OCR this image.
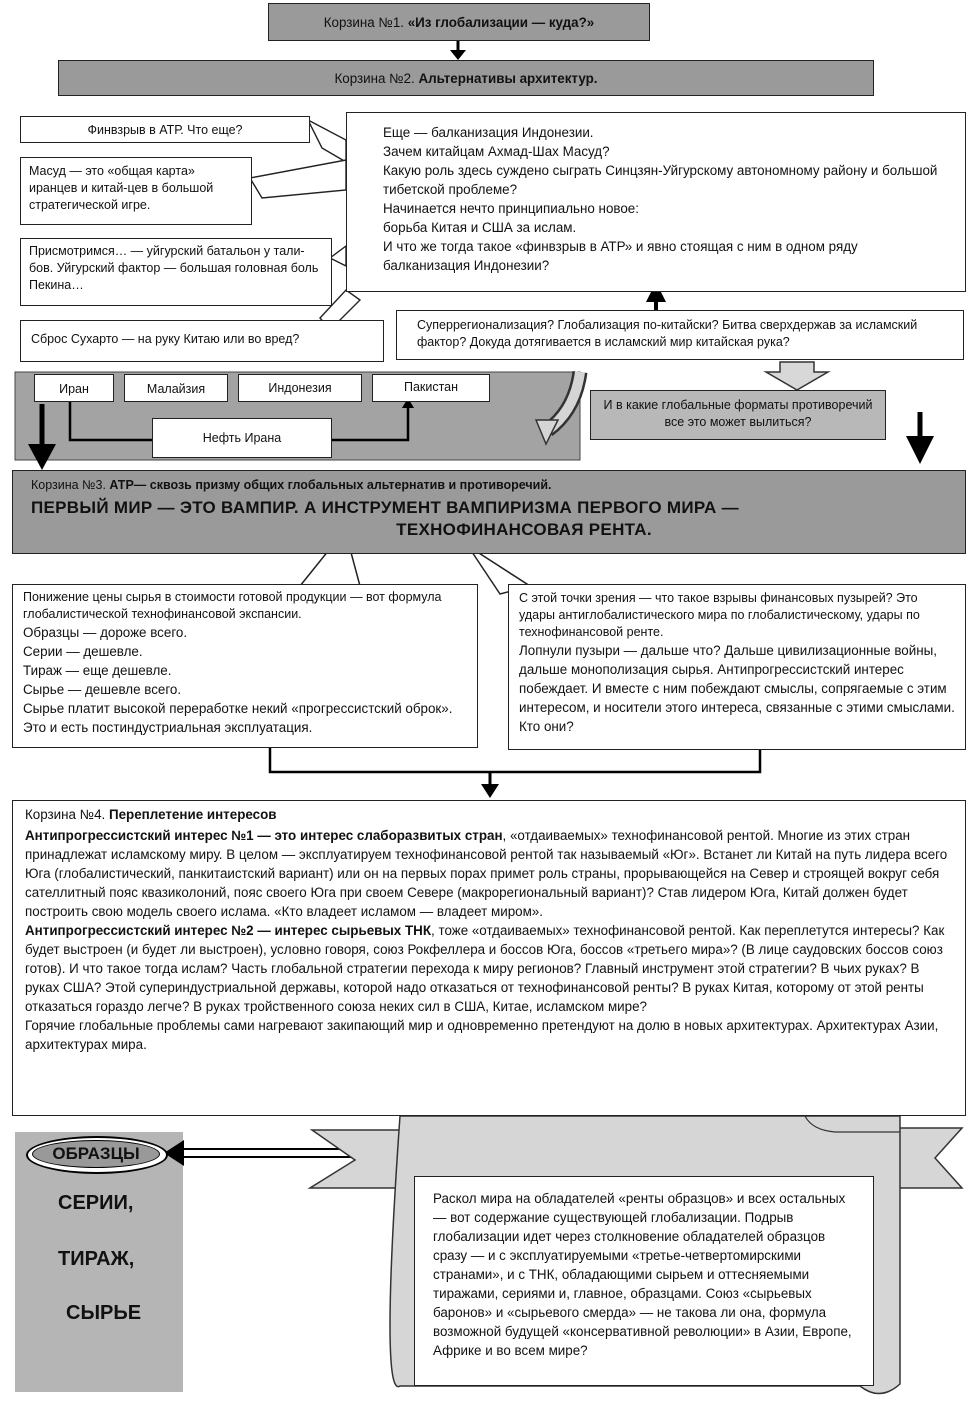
Корзина №1. «Из глобализации — куда?»
Корзина №2. Альтернативы архитектур.
Финвзрыв в АТР. Что еще?
Масуд — это «общая карта» иранцев и китай-цев в большой стратегической игре.
Присмотримся… — уйгурский батальон у тали-бов. Уйгурский фактор — большая головная боль Пекина…
Сброс Сухарто — на руку Китаю или во вред?

Еще — балканизация Индонезии.

Зачем китайцам Ахмад-Шах Масуд?

Какую роль здесь суждено сыграть Синцзян-Уйгурскому автономному району и большой тибетской проблеме?

Начинается нечто принципиально новое:

борьба Китая и США за ислам.

И что же тогда такое «финвзрыв в АТР» и явно стоящая с ним в одном ряду балканизация Индонезии?

Суперрегионализация? Глобализация по-китайски? Битва сверхдержав за исламский фактор? Докуда дотягивается в исламский мир китайская рука?
Иран	Малайзия	Индонезия	Пакистан
Нефть Ирана
И в какие глобальные форматы противоречий все это может вылиться?
Корзина №3. АТР— сквозь призму общих глобальных альтернатив и противоречий.
ПЕРВЫЙ МИР — ЭТО ВАМПИР. А ИНСТРУМЕНТ ВАМПИРИЗМА ПЕРВОГО МИРА —
ТЕХНОФИНАНСОВАЯ РЕНТА.

Понижение цены сырья в стоимости готовой продукции — вот формула глобалистической технофинансовой экспансии.

Образцы — дороже всего.

Серии — дешевле.

Тираж — еще дешевле.

Сырье — дешевле всего.

Сырье платит высокой переработке некий «прогрессистский оброк». Это и есть постиндустриальная эксплуатация.

С этой точки зрения — что такое взрывы финансовых пузырей? Это удары антиглобалистического мира по глобалистическому, удары по технофинансовой ренте.

Лопнули пузыри — дальше что? Дальше цивилизационные войны, дальше монополизация сырья. Антипрогрессистский интерес побеждает. И вместе с ним побеждают смыслы, сопрягаемые с этим интересом, и носители этого интереса, связанные с этими смыслами. Кто они?

Корзина №4. Переплетение интересов

Антипрогрессистский интерес №1 — это интерес слаборазвитых стран, «отдаиваемых» технофинансовой рентой. Многие из этих стран принадлежат исламскому миру. В целом — эксплуатируем технофинансовой рентой так называемый «Юг». Встанет ли Китай на путь лидера всего Юга (глобалистический, панкитаистский вариант) или он на первых порах примет роль страны, прорывающейся на Север и строящей вокруг себя сателлитный пояс квазиколоний, пояс своего Юга при своем Севере (макрорегиональный вариант)? Став лидером Юга, Китай должен будет построить свою модель своего ислама. «Кто владеет исламом — владеет миром».

Антипрогрессистский интерес №2 — интерес сырьевых ТНК, тоже «отдаиваемых» технофинансовой рентой. Как переплетутся интересы? Как будет выстроен (и будет ли выстроен), условно говоря, союз Рокфеллера и боссов Юга, боссов «третьего мира»? (В лице саудовских боссов союз готов). И что такое тогда ислам? Часть глобальной стратегии перехода к миру регионов? Главный инструмент этой стратегии? В чьих руках? В руках США? Этой супериндустриальной державы, которой надо отказаться от технофинансовой ренты? В руках Китая, которому от этой ренты отказаться гораздо легче? В руках тройственного союза неких сил в США, Китае, исламском мире?

Горячие глобальные проблемы сами нагревают закипающий мир и одновременно претендуют на долю в новых архитектурах. Архитектурах Азии, архитектурах мира.

ОБРАЗЦЫ
СЕРИИ,
ТИРАЖ,
СЫРЬЕ
Раскол мира на обладателей «ренты образцов» и всех остальных — вот содержание существующей глобализации. Подрыв глобализации идет через столкновение обладателей образцов сразу — и с эксплуатируемыми «третье-четвертомирскими странами», и с ТНК, обладающими сырьем и оттесняемыми тиражами, сериями и, главное, образцами. Союз «сырьевых баронов» и «сырьевого смерда» — не такова ли она, формула возможной будущей «консервативной революции» в Азии, Европе, Африке и во всем мире?
